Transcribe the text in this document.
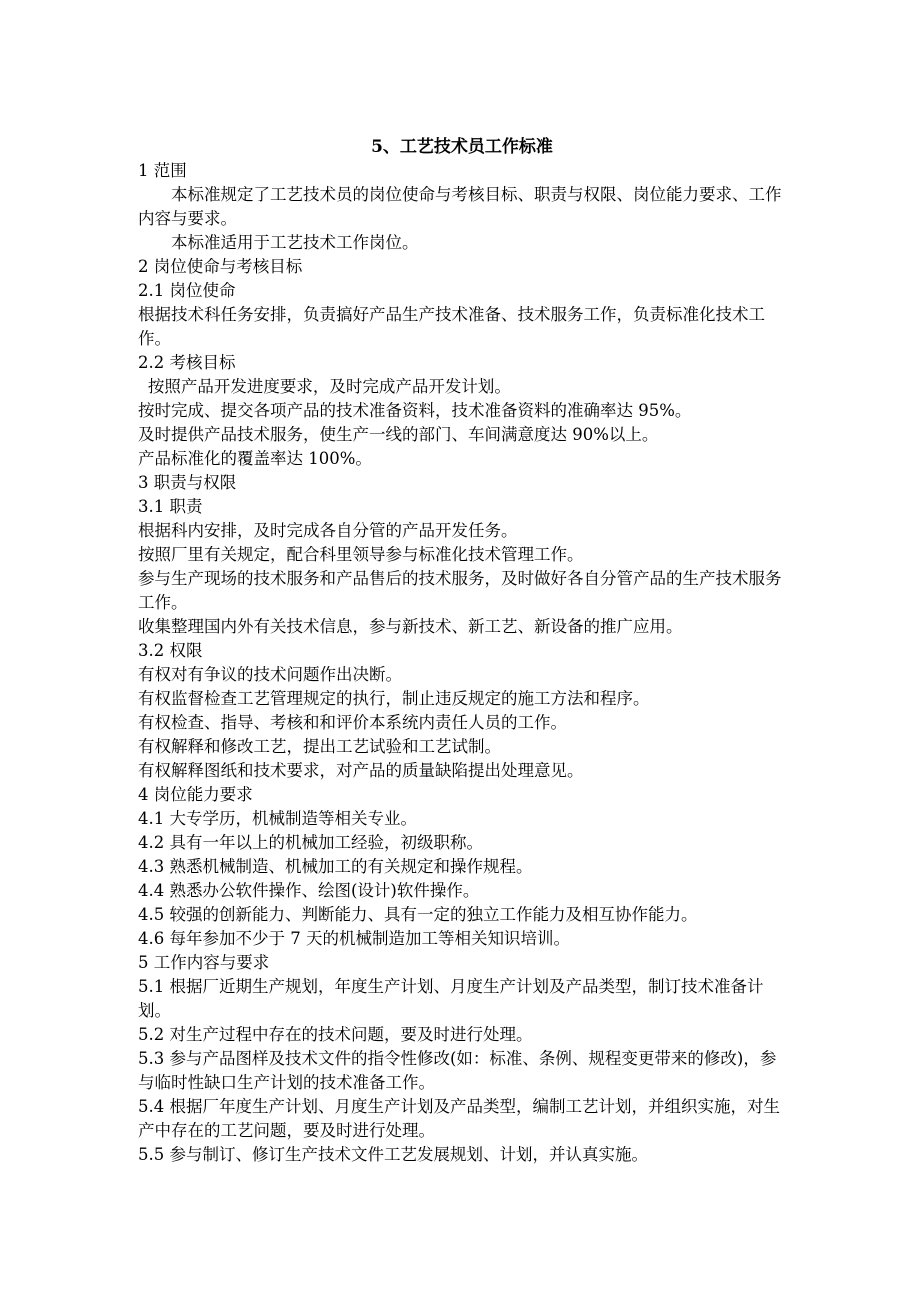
5、工艺技术员工作标准

1 范围

本标准规定了工艺技术员的岗位使命与考核目标、职责与权限、岗位能力要求、工作内容与要求。

本标准适用于工艺技术工作岗位。

2 岗位使命与考核目标

2.1 岗位使命

根据技术科任务安排，负责搞好产品生产技术准备、技术服务工作，负责标准化技术工作。

2.2 考核目标

按照产品开发进度要求，及时完成产品开发计划。

按时完成、提交各项产品的技术准备资料，技术准备资料的准确率达 95%。

及时提供产品技术服务，使生产一线的部门、车间满意度达 90%以上。

产品标准化的覆盖率达 100%。

3 职责与权限

3.1 职责

根据科内安排，及时完成各自分管的产品开发任务。

按照厂里有关规定，配合科里领导参与标准化技术管理工作。

参与生产现场的技术服务和产品售后的技术服务，及时做好各自分管产品的生产技术服务工作。

收集整理国内外有关技术信息，参与新技术、新工艺、新设备的推广应用。

3.2 权限

有权对有争议的技术问题作出决断。

有权监督检查工艺管理规定的执行，制止违反规定的施工方法和程序。

有权检查、指导、考核和和评价本系统内责任人员的工作。

有权解释和修改工艺，提出工艺试验和工艺试制。

有权解释图纸和技术要求，对产品的质量缺陷提出处理意见。

4 岗位能力要求

4.1 大专学历，机械制造等相关专业。

4.2 具有一年以上的机械加工经验，初级职称。

4.3 熟悉机械制造、机械加工的有关规定和操作规程。

4.4 熟悉办公软件操作、绘图(设计)软件操作。

4.5 较强的创新能力、判断能力、具有一定的独立工作能力及相互协作能力。

4.6 每年参加不少于 7 天的机械制造加工等相关知识培训。

5 工作内容与要求

5.1 根据厂近期生产规划，年度生产计划、月度生产计划及产品类型，制订技术准备计划。

5.2 对生产过程中存在的技术问题，要及时进行处理。

5.3 参与产品图样及技术文件的指令性修改(如：标准、条例、规程变更带来的修改)，参与临时性缺口生产计划的技术准备工作。

5.4 根据厂年度生产计划、月度生产计划及产品类型，编制工艺计划，并组织实施，对生产中存在的工艺问题，要及时进行处理。

5.5 参与制订、修订生产技术文件工艺发展规划、计划，并认真实施。
